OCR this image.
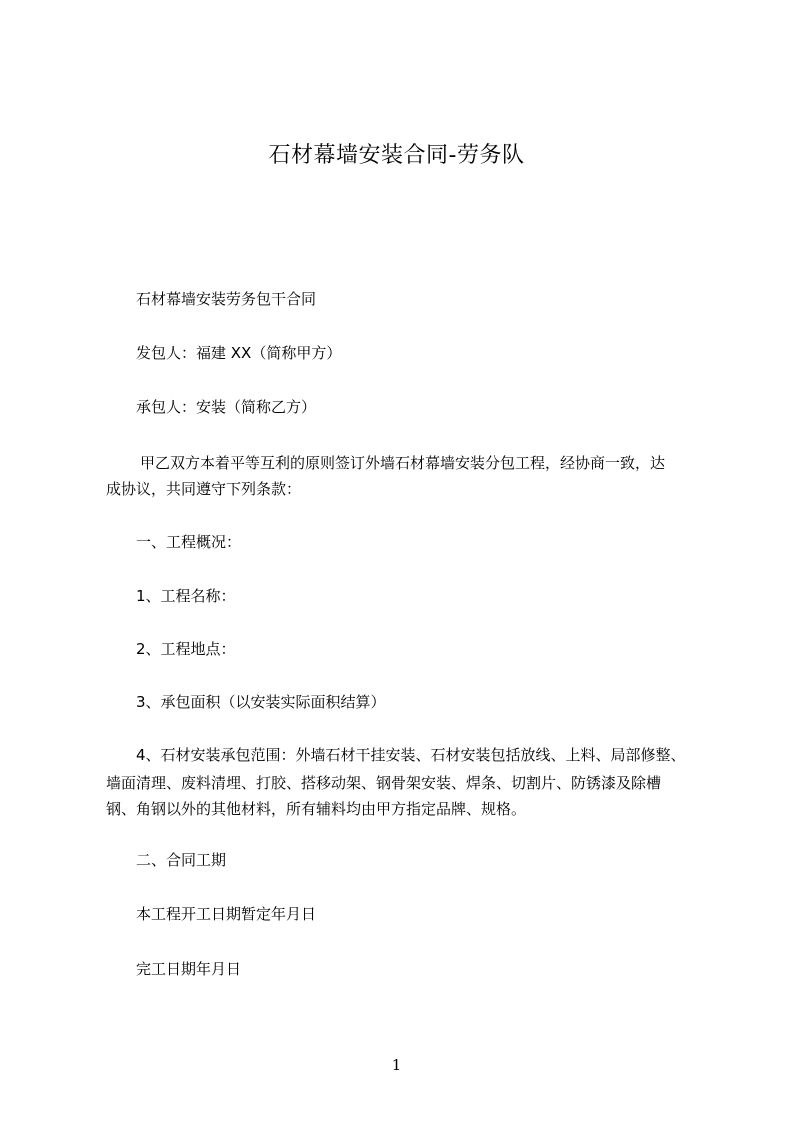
石材幕墙安装合同-劳务队
石材幕墙安装劳务包干合同
发包人：福建 XX（简称甲方）
承包人：安装（简称乙方）
甲乙双方本着平等互利的原则签订外墙石材幕墙安装分包工程，经协商一致，达
成协议，共同遵守下列条款：
一、工程概况：
1、工程名称：
2、工程地点：
3、承包面积（以安装实际面积结算）
4、石材安装承包范围：外墙石材干挂安装、石材安装包括放线、上料、局部修整、
墙面清理、废料清埋、打胶、搭移动架、钢骨架安装、焊条、切割片、防锈漆及除槽
钢、角钢以外的其他材料，所有辅料均由甲方指定品牌、规格。
二、合同工期
本工程开工日期暂定年月日
完工日期年月日
1
